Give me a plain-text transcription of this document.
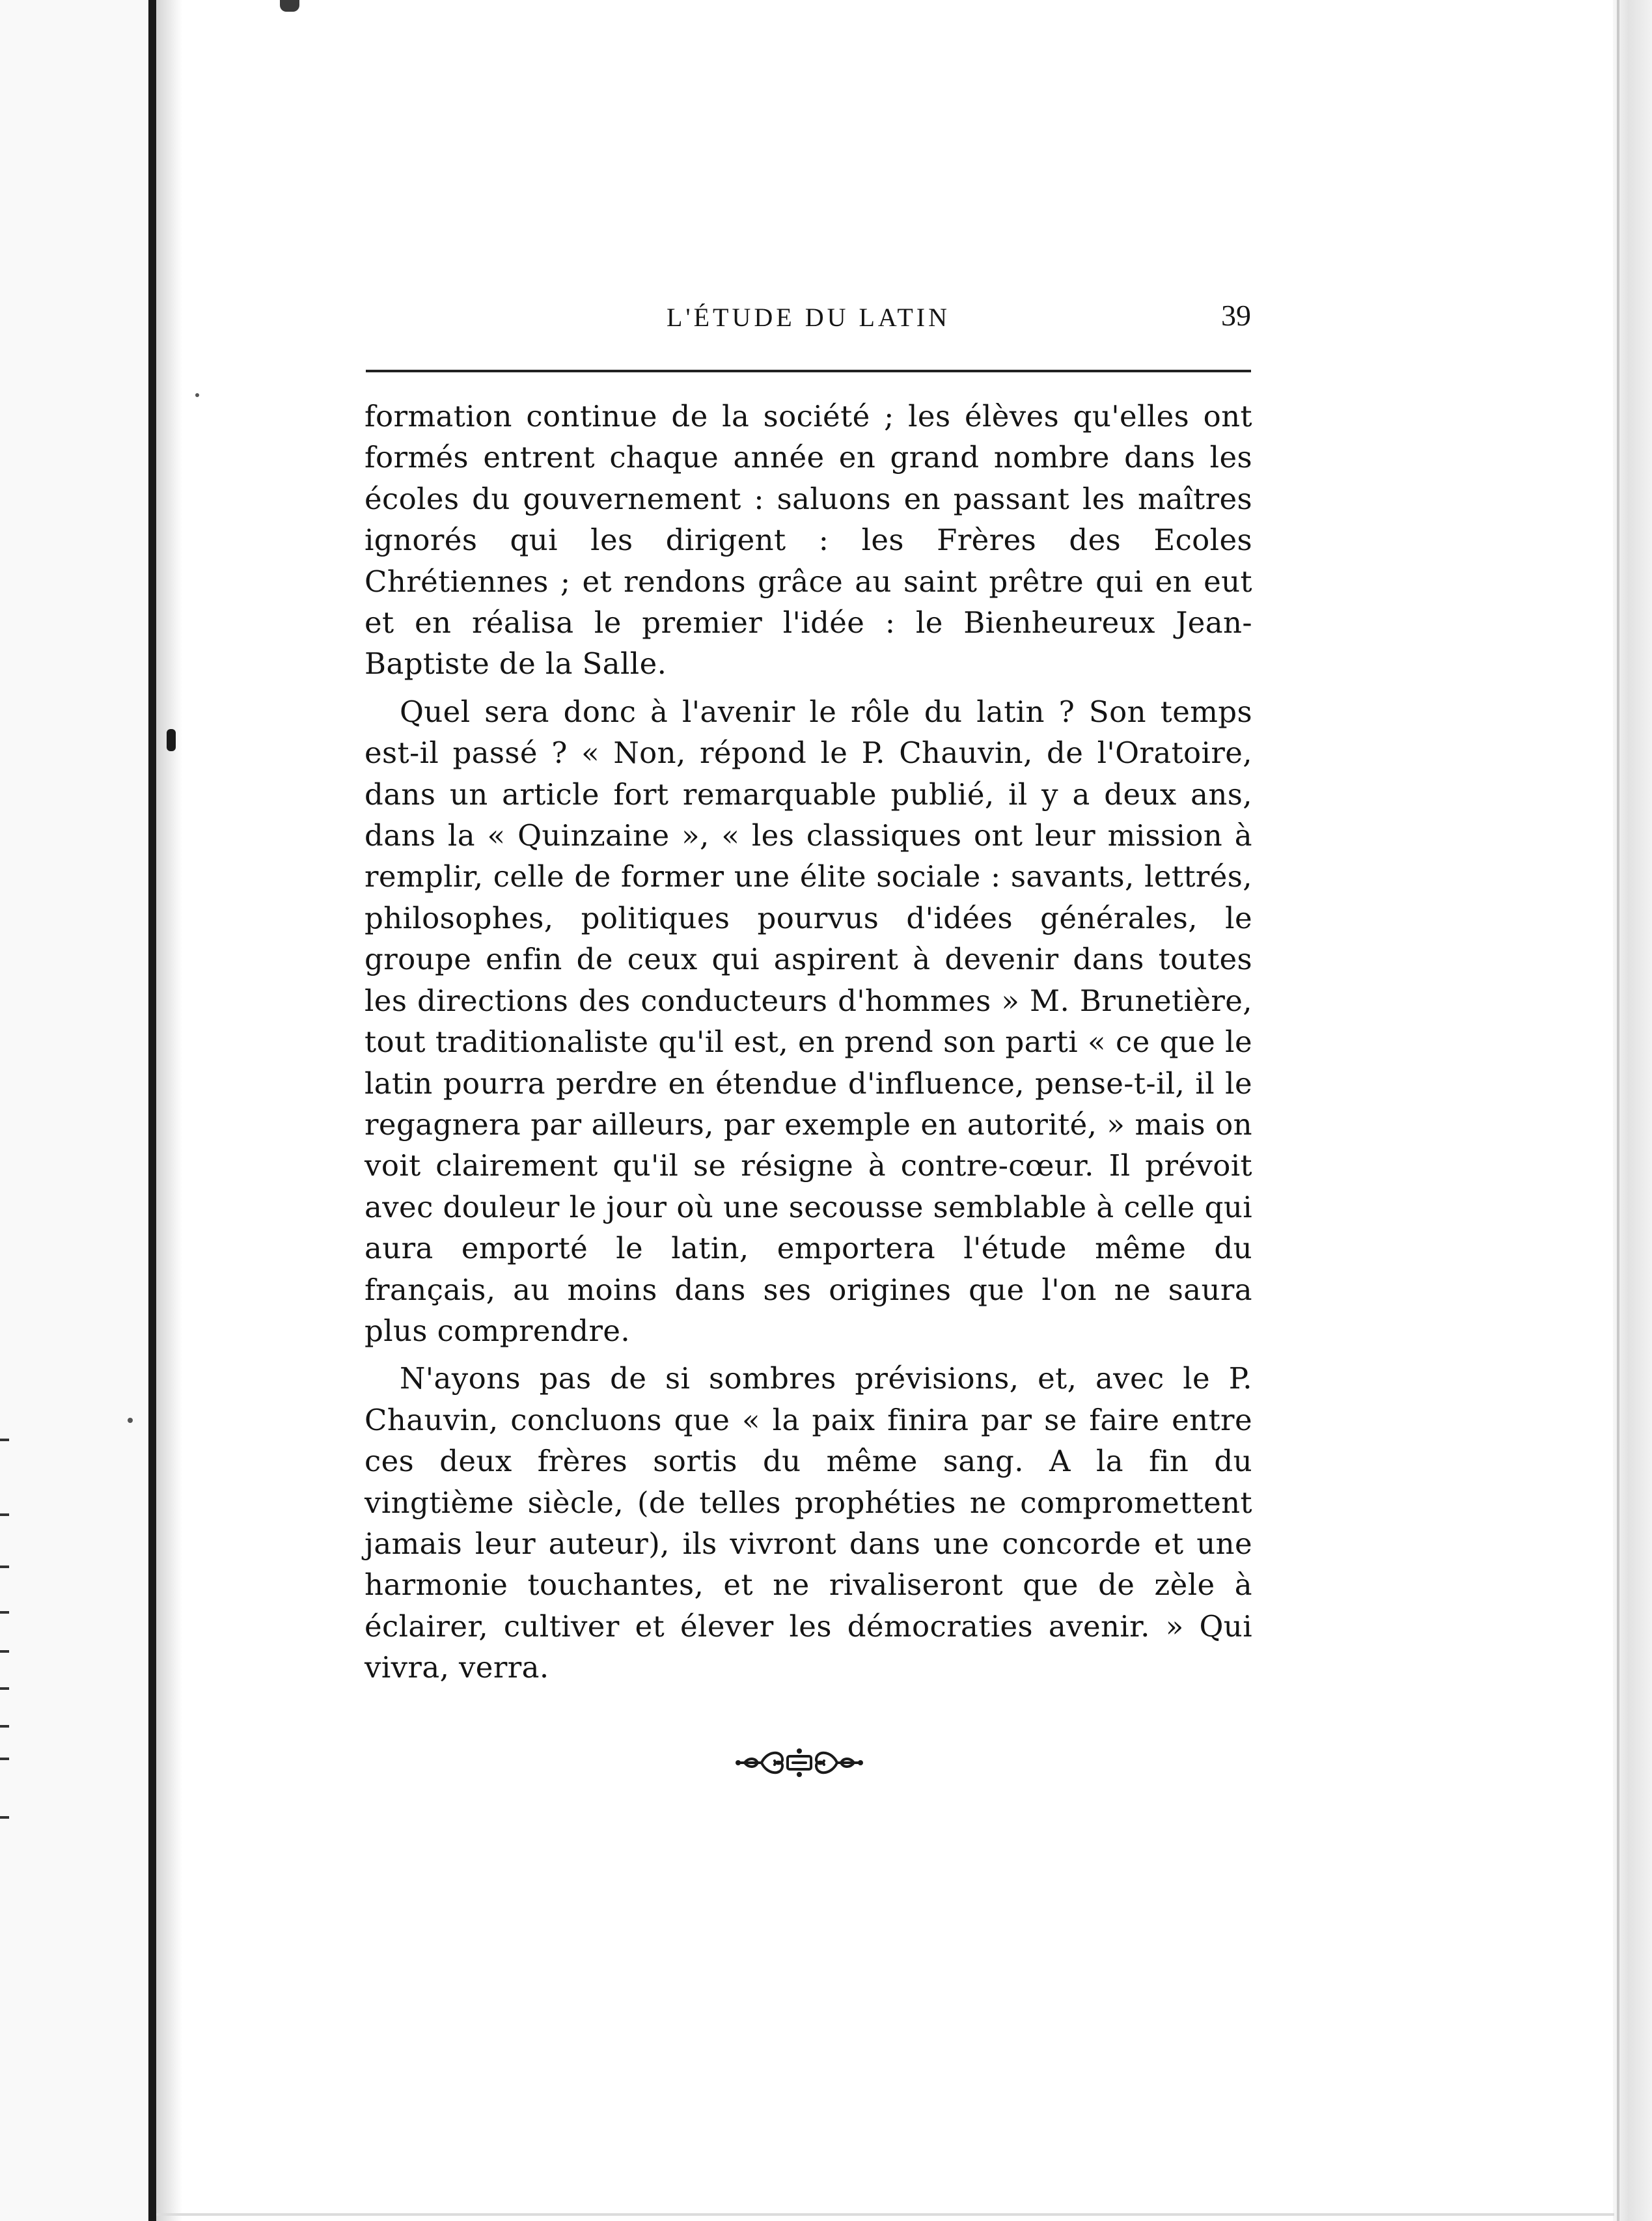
L'ÉTUDE DU LATIN	39

formation continue de la société ; les élèves qu'elles ont formés entrent chaque année en grand nombre dans les écoles du gouvernement : saluons en passant les maîtres ignorés qui les dirigent : les Frères des Ecoles Chrétiennes ; et rendons grâce au saint prêtre qui en eut et en réalisa le premier l'idée : le Bienheureux Jean-Baptiste de la Salle.

Quel sera donc à l'avenir le rôle du latin ? Son temps est-il passé ? « Non, répond le P. Chauvin, de l'Oratoire, dans un article fort remarquable publié, il y a deux ans, dans la « Quinzaine », « les classiques ont leur mission à remplir, celle de former une élite sociale : savants, lettrés, philosophes, politiques pourvus d'idées générales, le groupe enfin de ceux qui aspirent à devenir dans toutes les directions des conducteurs d'hommes » M. Brunetière, tout traditionaliste qu'il est, en prend son parti « ce que le latin pourra perdre en étendue d'influence, pense-t-il, il le regagnera par ailleurs, par exemple en autorité, » mais on voit clairement qu'il se résigne à contre-cœur. Il prévoit avec douleur le jour où une secousse semblable à celle qui aura emporté le latin, emportera l'étude même du français, au moins dans ses origines que l'on ne saura plus comprendre.

N'ayons pas de si sombres prévisions, et, avec le P. Chauvin, concluons que « la paix finira par se faire entre ces deux frères sortis du même sang. A la fin du vingtième siècle, (de telles prophéties ne compromettent jamais leur auteur), ils vivront dans une concorde et une harmonie touchantes, et ne rivaliseront que de zèle à éclairer, cultiver et élever les démocraties avenir. » Qui vivra, verra.
